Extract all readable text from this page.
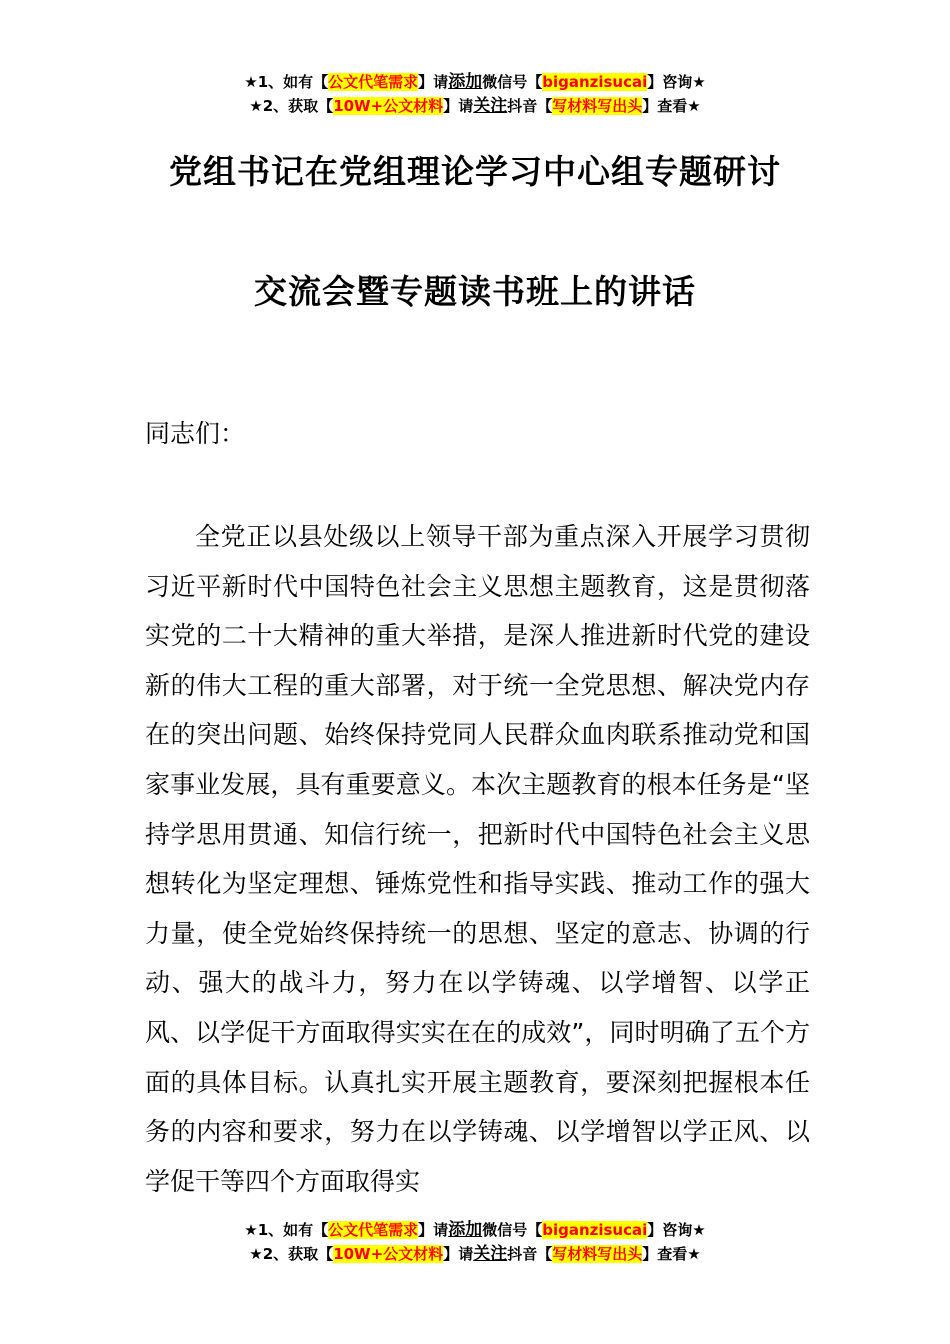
★1、如有【公文代笔需求】请添加微信号【biganzisucai】咨询★
★2、获取【10W+公文材料】请关注抖音【写材料写出头】查看★
党组书记在党组理论学习中心组专题研讨
交流会暨专题读书班上的讲话
同志们：

全党正以县处级以上领导干部为重点深入开展学习贯彻习近平新时代中国特色社会主义思想主题教育，这是贯彻落实党的二十大精神的重大举措，是深人推进新时代党的建设新的伟大工程的重大部署，对于统一全党思想、解决党内存在的突出问题、始终保持党同人民群众血肉联系推动党和国家事业发展，具有重要意义。本次主题教育的根本任务是“坚持学思用贯通、知信行统一，把新时代中国特色社会主义思想转化为坚定理想、锤炼党性和指导实践、推动工作的强大力量，使全党始终保持统一的思想、坚定的意志、协调的行动、强大的战斗力，努力在以学铸魂、以学增智、以学正风、以学促干方面取得实实在在的成效”，同时明确了五个方面的具体目标。认真扎实开展主题教育，要深刻把握根本任务的内容和要求，努力在以学铸魂、以学增智以学正风、以学促干等四个方面取得实

★1、如有【公文代笔需求】请添加微信号【biganzisucai】咨询★
★2、获取【10W+公文材料】请关注抖音【写材料写出头】查看★
